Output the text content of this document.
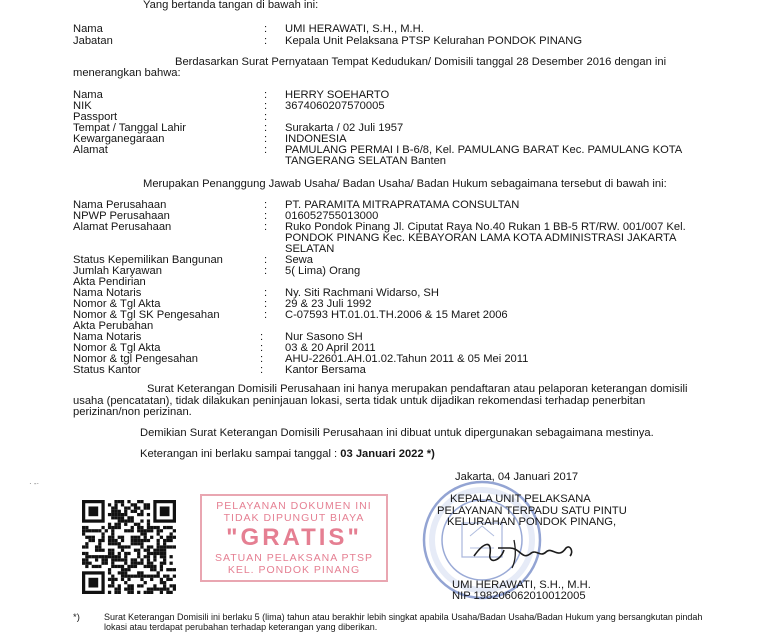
Yang bertanda tangan di bawah ini:
Nama	: UMI HERAWATI, S.H., M.H.
Jabatan	: Kepala Unit Pelaksana PTSP Kelurahan PONDOK PINANG
Berdasarkan Surat Pernyataan Tempat Kedudukan/ Domisili tanggal 28 Desember 2016 dengan ini
menerangkan bahwa:
Nama	: HERRY SOEHARTO
NIK	: 3674060207570005
Passport	:
Tempat / Tanggal Lahir	: Surakarta / 02 Juli 1957
Kewarganegaraan	: INDONESIA
Alamat	: PAMULANG PERMAI I B-6/8, Kel. PAMULANG BARAT Kec. PAMULANG KOTA
TANGERANG SELATAN Banten
Merupakan Penanggung Jawab Usaha/ Badan Usaha/ Badan Hukum sebagaimana tersebut di bawah ini:
Nama Perusahaan	: PT. PARAMITA MITRAPRATAMA CONSULTAN
NPWP Perusahaan	: 016052755013000
Alamat Perusahaan	: Ruko Pondok Pinang Jl. Ciputat Raya No.40 Rukan 1 BB-5 RT/RW. 001/007 Kel.
PONDOK PINANG Kec. KEBAYORAN LAMA KOTA ADMINISTRASI JAKARTA
SELATAN
Status Kepemilikan Bangunan	: Sewa
Jumlah Karyawan	: 5( Lima) Orang
Akta Pendirian
Nama Notaris	: Ny. Siti Rachmani Widarso, SH
Nomor & Tgl Akta	: 29 & 23 Juli 1992
Nomor & Tgl SK Pengesahan	: C-07593 HT.01.01.TH.2006 & 15 Maret 2006
Akta Perubahan
Nama Notaris	: Nur Sasono SH
Nomor & Tgl Akta	: 03 & 20 April 2011
Nomor & tgl Pengesahan	: AHU-22601.AH.01.02.Tahun 2011 & 05 Mei 2011
Status Kantor	: Kantor Bersama
Surat Keterangan Domisili Perusahaan ini hanya merupakan pendaftaran atau pelaporan keterangan domisili
usaha (pencatatan), tidak dilakukan peninjauan lokasi, serta tidak untuk dijadikan rekomendasi terhadap penerbitan
perizinan/non perizinan.
Demikian Surat Keterangan Domisili Perusahaan ini dibuat untuk dipergunakan sebagaimana mestinya.
Keterangan ini berlaku sampai tanggal : 03 Januari 2022 *)
· -·
PELAYANAN DOKUMEN INI
TIDAK DIPUNGUT BIAYA
"GRATIS"
SATUAN PELAKSANA PTSP
KEL. PONDOK PINANG
Jakarta, 04 Januari 2017
KEPALA UNIT PELAKSANA
PELAYANAN TERPADU SATU PINTU
KELURAHAN PONDOK PINANG,
UMI HERAWATI, S.H., M.H.
NIP 198206062010012005
*)	Surat Keterangan Domisili ini berlaku 5 (lima) tahun atau berakhir lebih singkat apabila Usaha/Badan Usaha/Badan Hukum yang bersangkutan pindah
lokasi atau terdapat perubahan terhadap keterangan yang diberikan.
